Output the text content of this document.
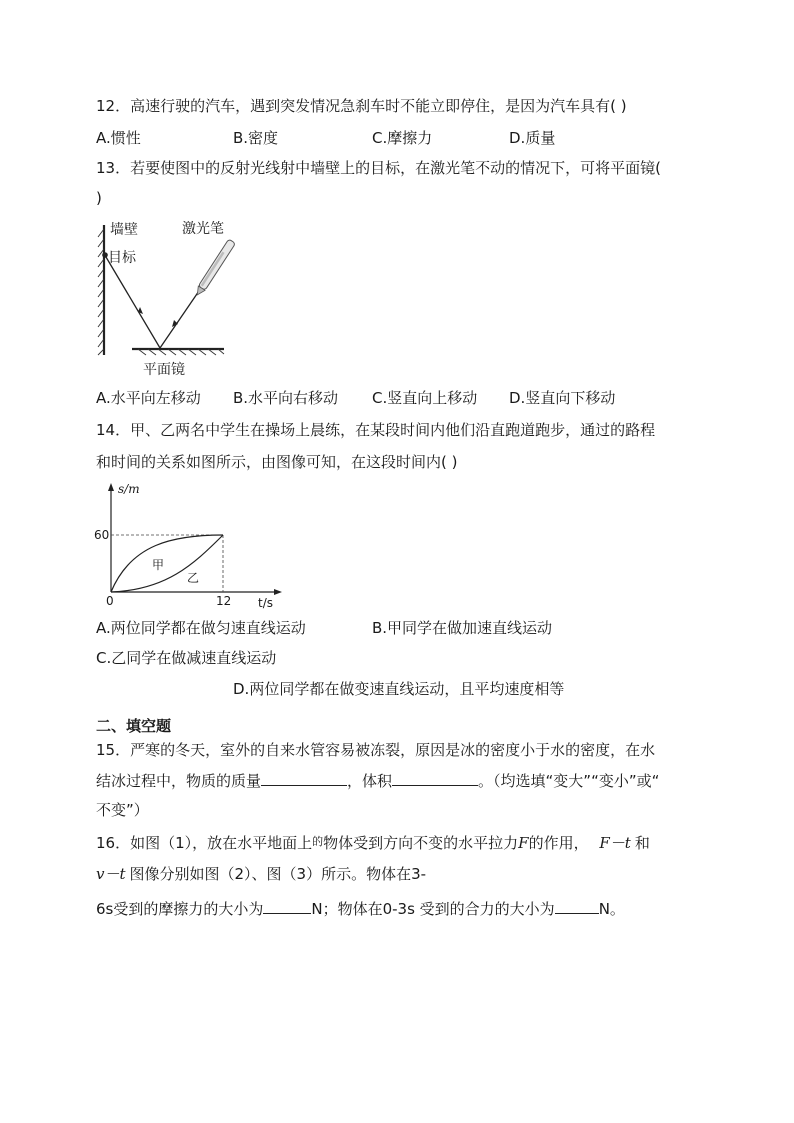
12．高速行驶的汽车，遇到突发情况急刹车时不能立即停住，是因为汽车具有( )
A.惯性	B.密度	C.摩擦力	D.质量
13．若要使图中的反射光线射中墙壁上的目标，在激光笔不动的情况下，可将平面镜(
)
墙壁
目标
激光笔
平面镜
A.水平向左移动 B.水平向右移动 C.竖直向上移动 D.竖直向下移动
14．甲、乙两名中学生在操场上晨练，在某段时间内他们沿直跑道跑步，通过的路程
和时间的关系如图所示，由图像可知，在这段时间内( )
s/m
t/s
0
60
12
甲
乙
A.两位同学都在做匀速直线运动	B.甲同学在做加速直线运动
C.乙同学在做减速直线运动
D.两位同学都在做变速直线运动，且平均速度相等
二、填空题
15．严寒的冬天，室外的自来水管容易被冻裂，原因是冰的密度小于水的密度，在水
结冰过程中，物质的质量	，体积	。（均选填“变大”“变小”或“
不变”）
16．如图（1），放在水平地面上$^的$物体受到方向不变的水平拉力F的作用， F－t 和
v－t 图像分别如图（2）、图（3）所示。物体在3-
6s受到的摩擦力的大小为	N；物体在0-3s 受到的合力的大小为	N。
